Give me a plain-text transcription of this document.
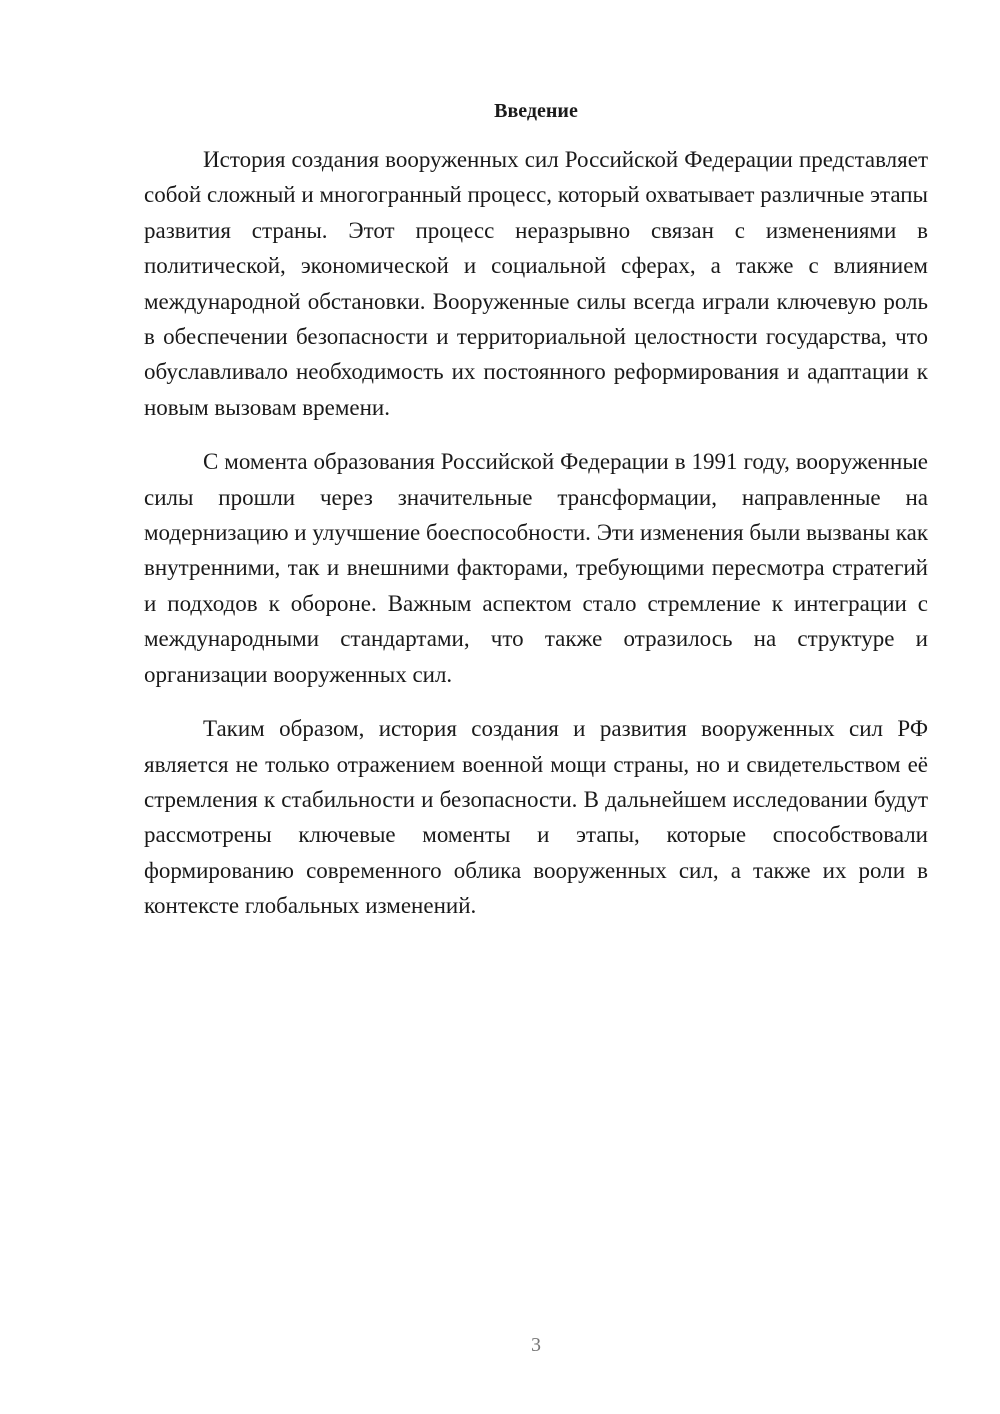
Введение

История создания вооруженных сил Российской Федерации представляет собой сложный и многогранный процесс, который охватывает различные этапы развития страны. Этот процесс неразрывно связан с изменениями в политической, экономической и социальной сферах, а также с влиянием международной обстановки. Вооруженные силы всегда играли ключевую роль в обеспечении безопасности и территориальной целостности государства, что обуславливало необходимость их постоянного реформирования и адаптации к новым вызовам времени.

С момента образования Российской Федерации в 1991 году, вооруженные силы прошли через значительные трансформации, направленные на модернизацию и улучшение боеспособности. Эти изменения были вызваны как внутренними, так и внешними факторами, требующими пересмотра стратегий и подходов к обороне. Важным аспектом стало стремление к интеграции с международными стандартами, что также отразилось на структуре и организации вооруженных сил.

Таким образом, история создания и развития вооруженных сил РФ является не только отражением военной мощи страны, но и свидетельством её стремления к стабильности и безопасности. В дальнейшем исследовании будут рассмотрены ключевые моменты и этапы, которые способствовали формированию современного облика вооруженных сил, а также их роли в контексте глобальных изменений.

3
